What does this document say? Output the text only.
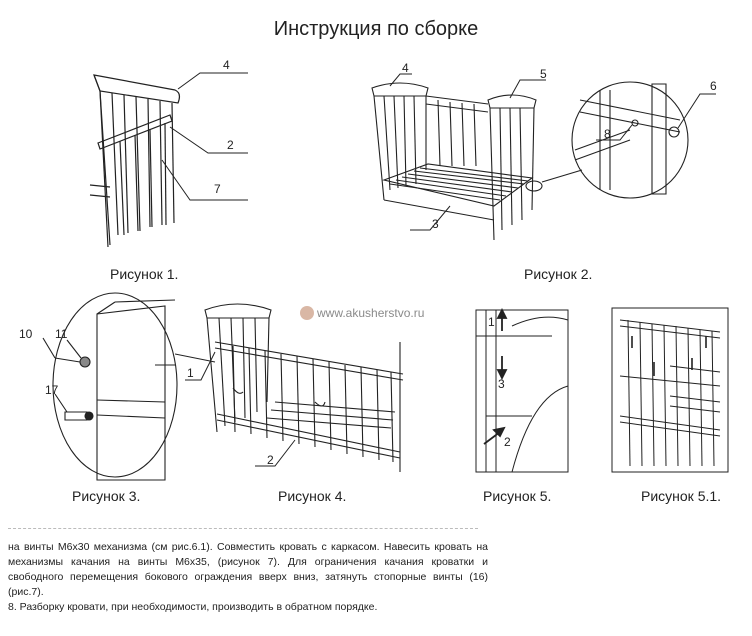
Инструкция по сборке
4
2
7
Рисунок 1.
4	5
6
8
3
Рисунок 2.
10 11
17
Рисунок 3.
1
2
Рисунок 4.
www.akusherstvo.ru
1
3
2
Рисунок 5.	Рисунок 5.1.

на винты М6х30 механизма (см рис.6.1). Совместить кровать с каркасом. Навесить кровать на механизмы качания на винты М6х35, (рисунок 7). Для ограничения качания кроватки и свободного перемещения бокового ограждения вверх вниз, затянуть стопорные винты (16) (рис.7).

8. Разборку кровати, при необходимости, производить в обратном порядке.
